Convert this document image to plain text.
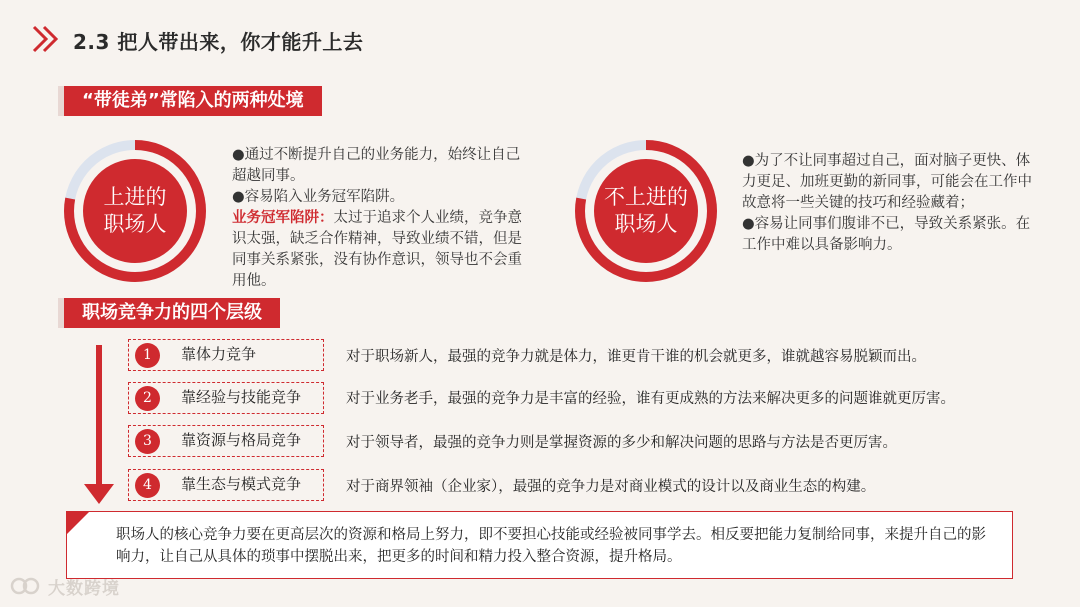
2.3 把人带出来，你才能升上去
“带徒弟”常陷入的两种处境
上进的
职场人

●通过不断提升自己的业务能力，始终让自己超越同事。

●容易陷入业务冠军陷阱。

业务冠军陷阱：太过于追求个人业绩，竞争意识太强，缺乏合作精神，导致业绩不错，但是同事关系紧张，没有协作意识，领导也不会重用他。

不上进的
职场人

●为了不让同事超过自己，面对脑子更快、体力更足、加班更勤的新同事，可能会在工作中故意将一些关键的技巧和经验藏着；

●容易让同事们腹诽不已，导致关系紧张。在工作中难以具备影响力。

职场竞争力的四个层级
1	靠体力竞争	对于职场新人，最强的竞争力就是体力，谁更肯干谁的机会就更多，谁就越容易脱颖而出。
2	靠经验与技能竞争	对于业务老手，最强的竞争力是丰富的经验，谁有更成熟的方法来解决更多的问题谁就更厉害。
3	靠资源与格局竞争	对于领导者，最强的竞争力则是掌握资源的多少和解决问题的思路与方法是否更厉害。
4	靠生态与模式竞争	对于商界领袖（企业家），最强的竞争力是对商业模式的设计以及商业生态的构建。
职场人的核心竞争力要在更高层次的资源和格局上努力，即不要担心技能或经验被同事学去。相反要把能力复制给同事，来提升自己的影响力，让自己从具体的琐事中摆脱出来，把更多的时间和精力投入整合资源，提升格局。
大数跨境
